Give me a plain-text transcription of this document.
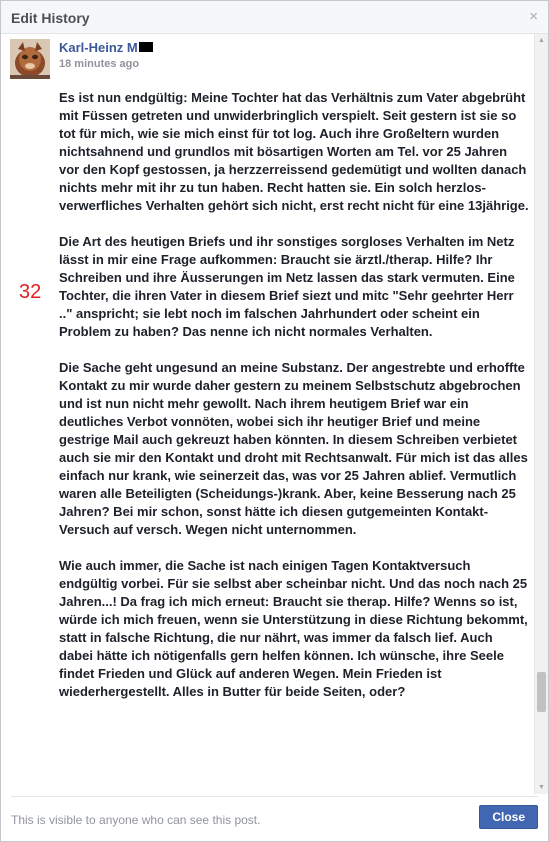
Edit History	×
Karl-Heinz M
18 minutes ago

Es ist nun endgültig: Meine Tochter hat das Verhältnis zum Vater abgebrüht mit Füssen getreten und unwiderbringlich verspielt. Seit gestern ist sie so tot für mich, wie sie mich einst für tot log. Auch ihre Großeltern wurden nichtsahnend und grundlos mit bösartigen Worten am Tel. vor 25 Jahren vor den Kopf gestossen, ja herzzerreissend gedemütigt und wollten danach nichts mehr mit ihr zu tun haben. Recht hatten sie. Ein solch herzlos-verwerfliches Verhalten gehört sich nicht, erst recht nicht für eine 13jährige.

Die Art des heutigen Briefs und ihr sonstiges sorgloses Verhalten im Netz lässt in mir eine Frage aufkommen: Braucht sie ärztl./therap. Hilfe? Ihr Schreiben und ihre Äusserungen im Netz lassen das stark vermuten. Eine Tochter, die ihren Vater in diesem Brief siezt und mitc "Sehr geehrter Herr .." anspricht; sie lebt noch im falschen Jahrhundert oder scheint ein Problem zu haben? Das nenne ich nicht normales Verhalten.

Die Sache geht ungesund an meine Substanz. Der angestrebte und erhoffte Kontakt zu mir wurde daher gestern zu meinem Selbstschutz abgebrochen und ist nun nicht mehr gewollt. Nach ihrem heutigem Brief war ein deutliches Verbot vonnöten, wobei sich ihr heutiger Brief und meine gestrige Mail auch gekreuzt haben könnten. In diesem Schreiben verbietet auch sie mir den Kontakt und droht mit Rechtsanwalt. Für mich ist das alles einfach nur krank, wie seinerzeit das, was vor 25 Jahren ablief. Vermutlich waren alle Beteiligten (Scheidungs-)krank. Aber, keine Besserung nach 25 Jahren? Bei mir schon, sonst hätte ich diesen gutgemeinten Kontakt-Versuch auf versch. Wegen nicht unternommen.

Wie auch immer, die Sache ist nach einigen Tagen Kontaktversuch endgültig vorbei. Für sie selbst aber scheinbar nicht. Und das noch nach 25 Jahren...! Da frag ich mich erneut: Braucht sie therap. Hilfe? Wenns so ist, würde ich mich freuen, wenn sie Unterstützung in diese Richtung bekommt, statt in falsche Richtung, die nur nährt, was immer da falsch lief. Auch dabei hätte ich nötigenfalls gern helfen können. Ich wünsche, ihre Seele findet Frieden und Glück auf anderen Wegen. Mein Frieden ist wiederhergestellt. Alles in Butter für beide Seiten, oder?

32
▲
▼
This is visible to anyone who can see this post.	Close
